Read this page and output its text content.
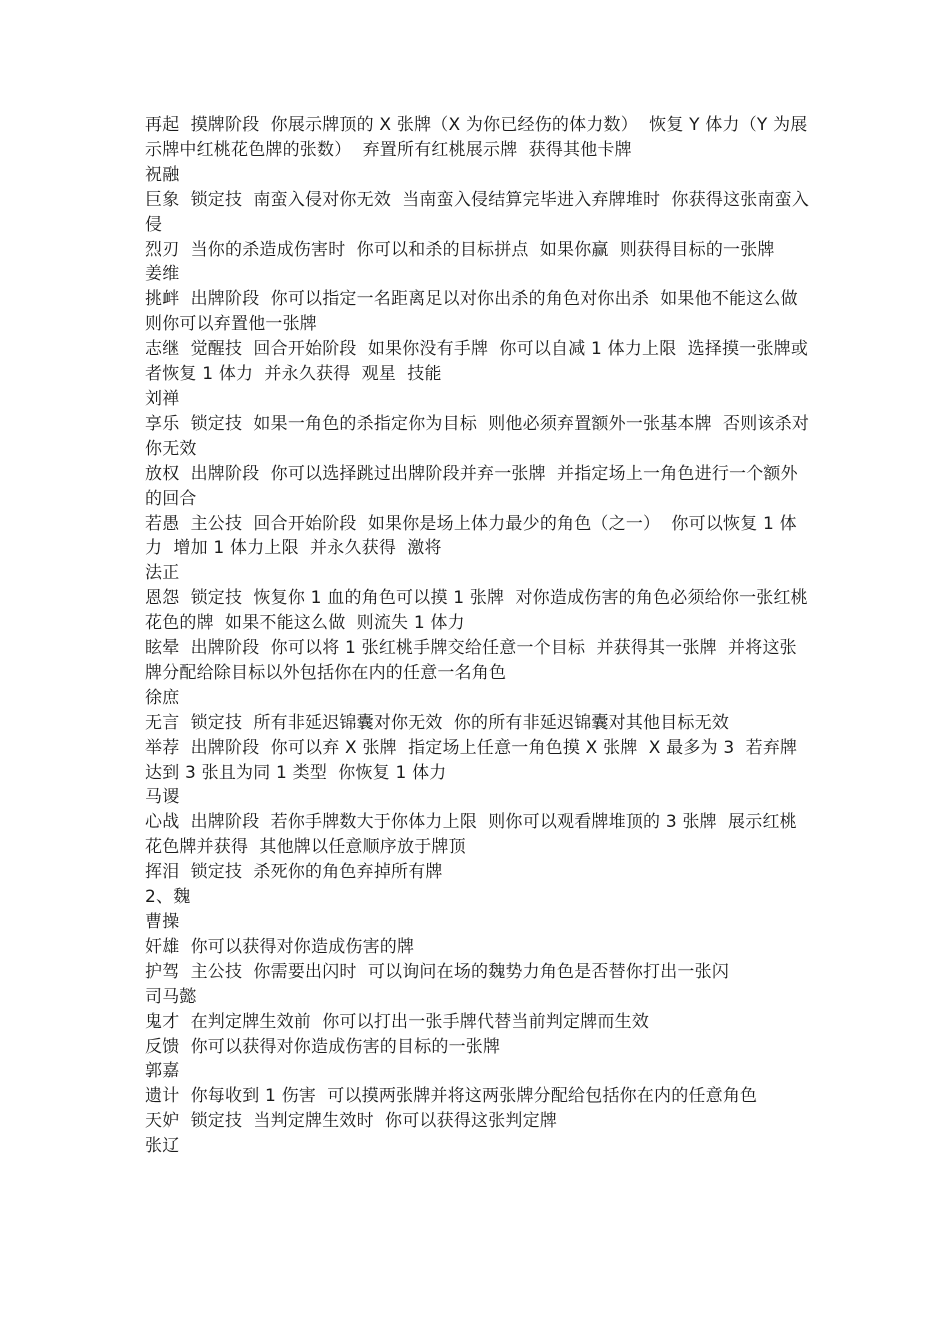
再起  摸牌阶段  你展示牌顶的 X 张牌（X 为你已经伤的体力数）  恢复 Y 体力（Y 为展示牌中红桃花色牌的张数）  弃置所有红桃展示牌  获得其他卡牌

祝融

巨象  锁定技  南蛮入侵对你无效  当南蛮入侵结算完毕进入弃牌堆时  你获得这张南蛮入侵

烈刃  当你的杀造成伤害时  你可以和杀的目标拼点  如果你赢  则获得目标的一张牌

姜维

挑衅  出牌阶段  你可以指定一名距离足以对你出杀的角色对你出杀  如果他不能这么做  则你可以弃置他一张牌

志继  觉醒技  回合开始阶段  如果你没有手牌  你可以自减 1 体力上限  选择摸一张牌或者恢复 1 体力  并永久获得  观星  技能

刘禅

享乐  锁定技  如果一角色的杀指定你为目标  则他必须弃置额外一张基本牌  否则该杀对你无效

放权  出牌阶段  你可以选择跳过出牌阶段并弃一张牌  并指定场上一角色进行一个额外的回合

若愚  主公技  回合开始阶段  如果你是场上体力最少的角色（之一）  你可以恢复 1 体力  增加 1 体力上限  并永久获得  激将

法正

恩怨  锁定技  恢复你 1 血的角色可以摸 1 张牌  对你造成伤害的角色必须给你一张红桃花色的牌  如果不能这么做  则流失 1 体力

眩晕  出牌阶段  你可以将 1 张红桃手牌交给任意一个目标  并获得其一张牌  并将这张牌分配给除目标以外包括你在内的任意一名角色

徐庶

无言  锁定技  所有非延迟锦囊对你无效  你的所有非延迟锦囊对其他目标无效

举荐  出牌阶段  你可以弃 X 张牌  指定场上任意一角色摸 X 张牌  X 最多为 3  若弃牌达到 3 张且为同 1 类型  你恢复 1 体力

马谡

心战  出牌阶段  若你手牌数大于你体力上限  则你可以观看牌堆顶的 3 张牌  展示红桃花色牌并获得  其他牌以任意顺序放于牌顶

挥泪  锁定技  杀死你的角色弃掉所有牌

2、魏

曹操

奸雄  你可以获得对你造成伤害的牌

护驾  主公技  你需要出闪时  可以询问在场的魏势力角色是否替你打出一张闪

司马懿

鬼才  在判定牌生效前  你可以打出一张手牌代替当前判定牌而生效

反馈  你可以获得对你造成伤害的目标的一张牌

郭嘉

遗计  你每收到 1 伤害  可以摸两张牌并将这两张牌分配给包括你在内的任意角色

天妒  锁定技  当判定牌生效时  你可以获得这张判定牌

张辽
